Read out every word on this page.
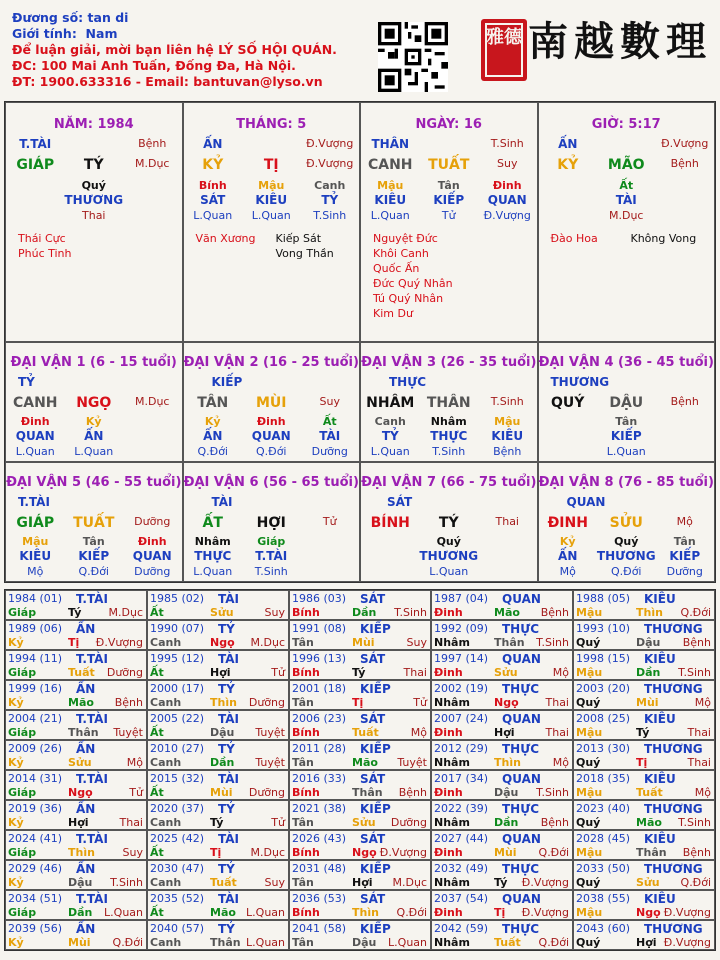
Đương số: tan di
Giới tính: Nam
Để luận giải, mời bạn liên hệ LÝ SỐ HỘI QUÁN.
ĐC: 100 Mai Anh Tuấn, Đống Đa, Hà Nội.
ĐT: 1900.633316 - Email: bantuvan@lyso.vn
雅德 南越數理
NĂM: 1984
T.TÀI	Bệnh
GIÁP	TÝ	M.Dục
Quý
THƯƠNG
Thai
Thái Cực
Phúc Tinh
THÁNG: 5
ẤN	Đ.Vượng
KỶ	TỊ	Đ.Vượng
Bính	Mậu	Canh
SÁT	KIÊU	TỶ
L.Quan	L.Quan	T.Sinh
Văn Xương Kiếp Sát
Vong Thần
NGÀY: 16
THÂN	T.Sinh
CANH	TUẤT	Suy
Mậu	Tân	Đinh
KIÊU	KIẾP	QUAN
L.Quan	Tử	Đ.Vượng
Nguyệt Đức
Khôi Canh
Quốc Ấn
Đức Quý Nhân
Tú Quý Nhân
Kim Dư
GIỜ: 5:17
ẤN	Đ.Vượng
KỶ	MÃO	Bệnh
Ất
TÀI
M.Dục
Đào Hoa	Không Vong
ĐẠI VẬN 1 (6 - 15 tuổi)
TỶ
CANH	NGỌ	M.Dục
Đinh	Kỷ
QUAN	ẤN
L.Quan	L.Quan
ĐẠI VẬN 2 (16 - 25 tuổi)
KIẾP
TÂN	MÙI	Suy
Kỷ	Đinh	Ất
ẤN	QUAN	TÀI
Q.Đới	Q.Đới	Dưỡng
ĐẠI VẬN 3 (26 - 35 tuổi)
THỰC
NHÂM THÂN	T.Sinh
Canh	Nhâm	Mậu
TỶ	THỰC	KIÊU
L.Quan	T.Sinh	Bệnh
ĐẠI VẬN 4 (36 - 45 tuổi)
THƯƠNG
QUÝ	DẬU	Bệnh
Tân
KIẾP
L.Quan
ĐẠI VẬN 5 (46 - 55 tuổi)
T.TÀI
GIÁP	TUẤT	Dưỡng
Mậu	Tân	Đinh
KIÊU	KIẾP	QUAN
Mộ	Q.Đới	Dưỡng
ĐẠI VẬN 6 (56 - 65 tuổi)
TÀI
ẤT	HỢI	Tử
Nhâm	Giáp
THỰC	T.TÀI
L.Quan	T.Sinh
ĐẠI VẬN 7 (66 - 75 tuổi)
SÁT
BÍNH	TÝ	Thai
Quý
THƯƠNG
L.Quan
ĐẠI VẬN 8 (76 - 85 tuổi)
QUAN
ĐINH	SỬU	Mộ
Kỷ	Quý	Tân
ẤN	THƯƠNG	KIẾP
Mộ	Q.Đới	Dưỡng
1984 (01) T.TÀI
Giáp	Tý M.Dục
1985 (02) TÀI
Ất	Sửu	Suy
1986 (03) SÁT
Bính	Dần T.Sinh
1987 (04) QUAN
Đinh	Mão Bệnh
1988 (05) KIÊU
Mậu	Thìn Q.Đới
1989 (06) ẤN
Kỷ	Tị Đ.Vượng
1990 (07) TỶ
Canh	Ngọ M.Dục
1991 (08) KIẾP
Tân	Mùi	Suy
1992 (09) THỰC
Nhâm Thân T.Sinh
1993 (10) THƯƠNG
Quý	Dậu Bệnh
1994 (11) T.TÀI
Giáp	Tuất Dưỡng
1995 (12) TÀI
Ất	Hợi	Tử
1996 (13) SÁT
Bính	Tý	Thai
1997 (14) QUAN
Đinh	Sửu	Mộ
1998 (15) KIÊU
Mậu	Dần T.Sinh
1999 (16) ẤN
Kỷ	Mão Bệnh
2000 (17) TỶ
Canh	Thìn Dưỡng
2001 (18) KIẾP
Tân	Tị	Tử
2002 (19) THỰC
Nhâm Ngọ Thai
2003 (20) THƯƠNG
Quý	Mùi	Mộ
2004 (21) T.TÀI
Giáp	Thân Tuyệt
2005 (22) TÀI
Ất	Dậu Tuyệt
2006 (23) SÁT
Bính	Tuất	Mộ
2007 (24) QUAN
Đinh	Hợi	Thai
2008 (25) KIÊU
Mậu	Tý	Thai
2009 (26) ẤN
Kỷ	Sửu	Mộ
2010 (27) TỶ
Canh	Dần Tuyệt
2011 (28) KIẾP
Tân	Mão Tuyệt
2012 (29) THỰC
Nhâm Thìn	Mộ
2013 (30) THƯƠNG
Quý	Tị	Thai
2014 (31) T.TÀI
Giáp	Ngọ	Tử
2015 (32) TÀI
Ất	Mùi Dưỡng
2016 (33) SÁT
Bính	Thân Bệnh
2017 (34) QUAN
Đinh	Dậu T.Sinh
2018 (35) KIÊU
Mậu	Tuất	Mộ
2019 (36) ẤN
Kỷ	Hợi	Thai
2020 (37) TỶ
Canh	Tý	Tử
2021 (38) KIẾP
Tân	Sửu Dưỡng
2022 (39) THỰC
Nhâm Dần Bệnh
2023 (40) THƯƠNG
Quý	Mão T.Sinh
2024 (41) T.TÀI
Giáp	Thìn	Suy
2025 (42) TÀI
Ất	Tị	M.Dục
2026 (43) SÁT
Bính	Ngọ Đ.Vượng
2027 (44) QUAN
Đinh	Mùi Q.Đới
2028 (45) KIÊU
Mậu	Thân Bệnh
2029 (46) ẤN
Kỷ	Dậu T.Sinh
2030 (47) TỶ
Canh	Tuất	Suy
2031 (48) KIẾP
Tân	Hợi M.Dục
2032 (49) THỰC
Nhâm Tý Đ.Vượng
2033 (50) THƯƠNG
Quý	Sửu Q.Đới
2034 (51) T.TÀI
Giáp	Dần L.Quan
2035 (52) TÀI
Ất	Mão L.Quan
2036 (53) SÁT
Bính	Thìn Q.Đới
2037 (54) QUAN
Đinh	Tị Đ.Vượng
2038 (55) KIÊU
Mậu	Ngọ Đ.Vượng
2039 (56) ẤN
Kỷ	Mùi Q.Đới
2040 (57) TỶ
Canh	Thân L.Quan
2041 (58) KIẾP
Tân	Dậu L.Quan
2042 (59) THỰC
Nhâm Tuất Q.Đới
2043 (60) THƯƠNG
Quý	Hợi Đ.Vượng
